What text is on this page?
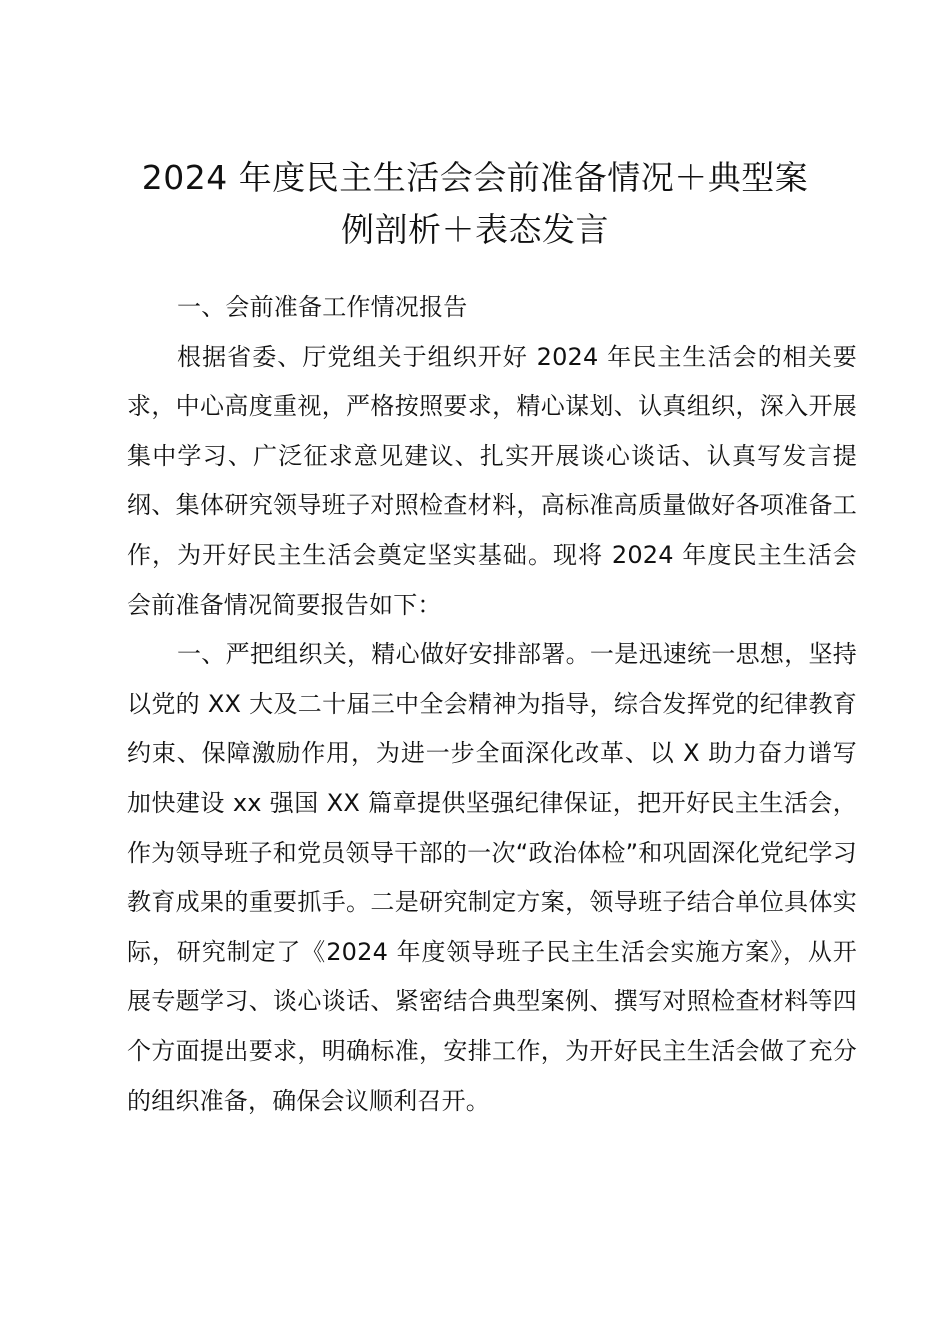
2024 年度民主生活会会前准备情况＋典型案
例剖析＋表态发言

一、会前准备工作情况报告

根据省委、厅党组关于组织开好 2024 年民主生活会的相关要求，中心高度重视，严格按照要求，精心谋划、认真组织，深入开展集中学习、广泛征求意见建议、扎实开展谈心谈话、认真写发言提纲、集体研究领导班子对照检查材料，高标准高质量做好各项准备工作，为开好民主生活会奠定坚实基础。现将 2024 年度民主生活会会前准备情况简要报告如下：

一、严把组织关，精心做好安排部署。一是迅速统一思想，坚持以党的 XX 大及二十届三中全会精神为指导，综合发挥党的纪律教育约束、保障激励作用，为进一步全面深化改革、以 X 助力奋力谱写加快建设 xx 强国 XX 篇章提供坚强纪律保证，把开好民主生活会，作为领导班子和党员领导干部的一次“政治体检”和巩固深化党纪学习教育成果的重要抓手。二是研究制定方案，领导班子结合单位具体实际，研究制定了《2024 年度领导班子民主生活会实施方案》，从开展专题学习、谈心谈话、紧密结合典型案例、撰写对照检查材料等四个方面提出要求，明确标准，安排工作，为开好民主生活会做了充分的组织准备，确保会议顺利召开。
